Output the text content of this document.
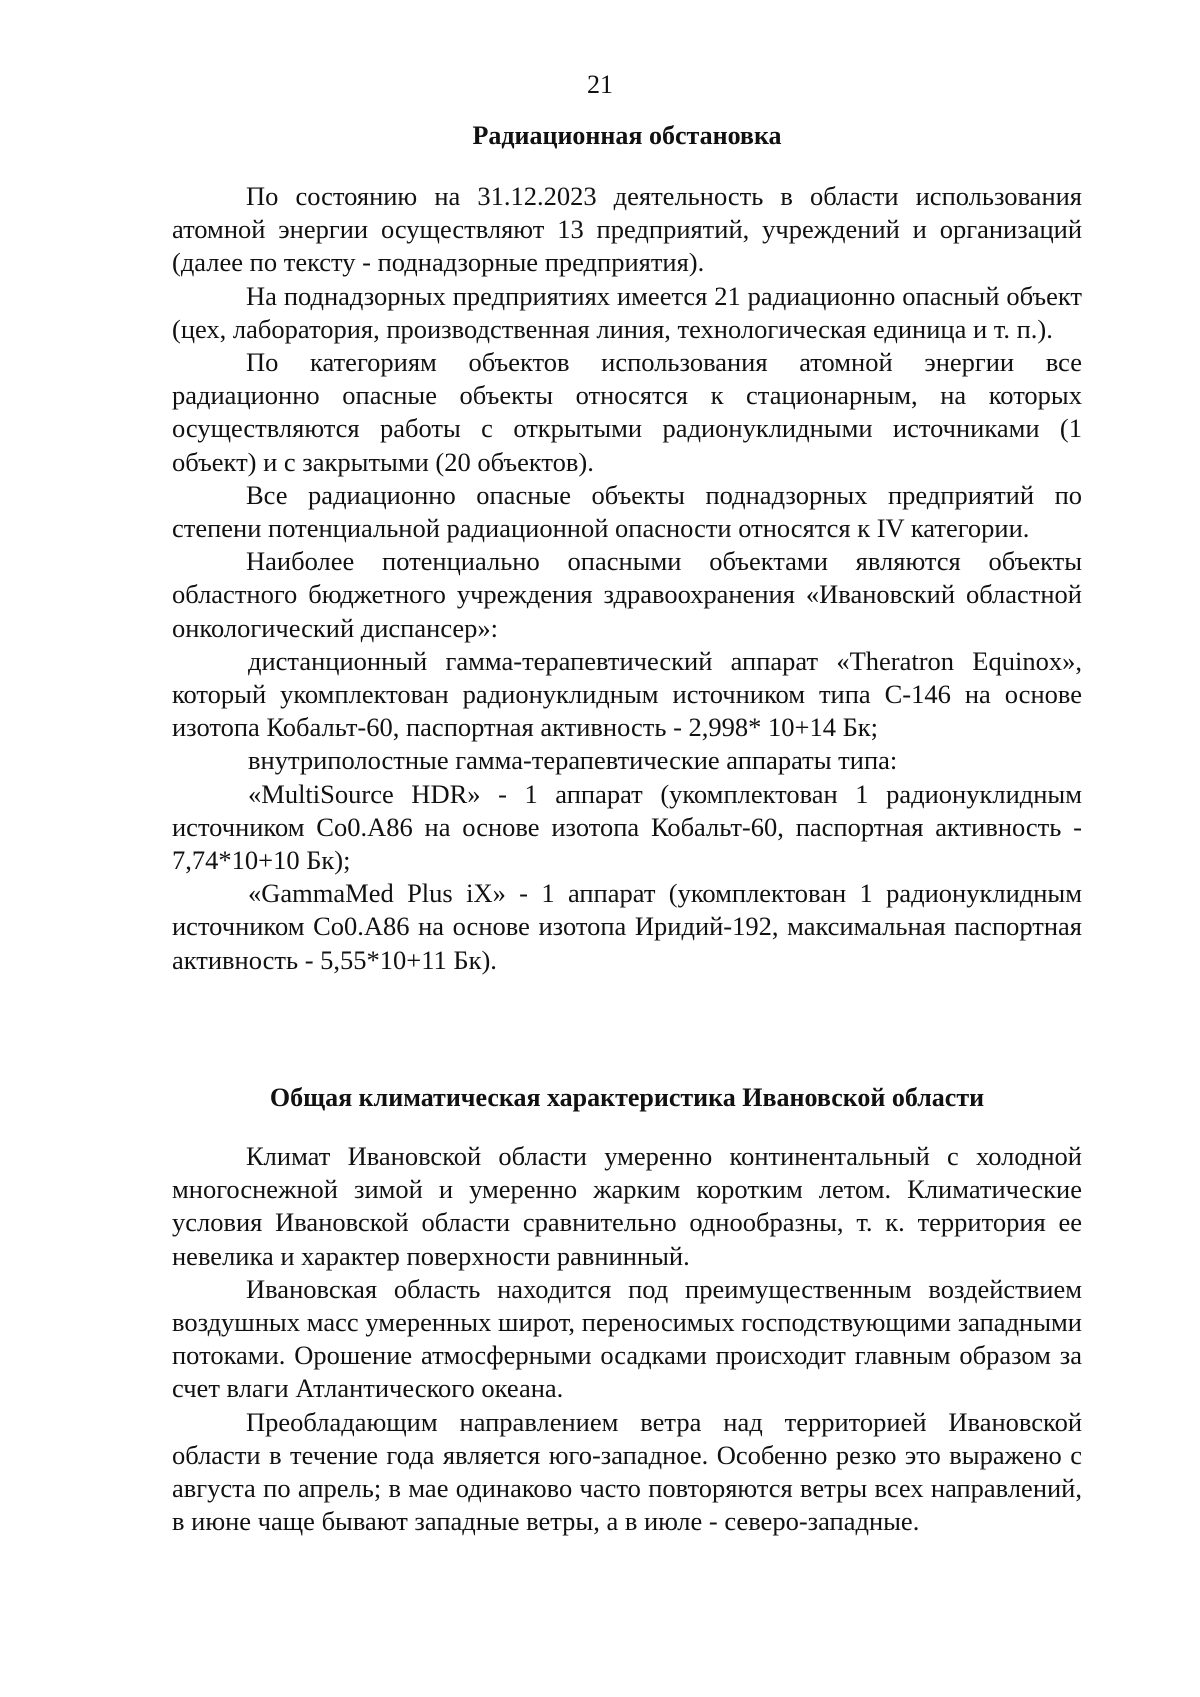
21
Радиационная обстановка

По состоянию на 31.12.2023 деятельность в области использования атомной энергии осуществляют 13 предприятий, учреждений и организаций (далее по тексту - поднадзорные предприятия).

На поднадзорных предприятиях имеется 21 радиационно опасный объект (цех, лаборатория, производственная линия, технологическая единица и т. п.).

По категориям объектов использования атомной энергии все радиационно опасные объекты относятся к стационарным, на которых осуществляются работы с открытыми радионуклидными источниками (1 объект) и с закрытыми (20 объектов).

Все радиационно опасные объекты поднадзорных предприятий по степени потенциальной радиационной опасности относятся к IV категории.

Наиболее потенциально опасными объектами являются объекты областного бюджетного учреждения здравоохранения «Ивановский областной онкологический диспансер»:

дистанционный гамма-терапевтический аппарат «Theratron Equinox», который укомплектован радионуклидным источником типа С-146 на основе изотопа Кобальт-60, паспортная активность - 2,998* 10+14 Бк;

внутриполостные гамма-терапевтические аппараты типа:

«MultiSource HDR» - 1 аппарат (укомплектован 1 радионуклидным источником Co0.A86 на основе изотопа Кобальт-60, паспортная активность - 7,74*10+10 Бк);

«GammaMed Plus iX» - 1 аппарат (укомплектован 1 радионуклидным источником Co0.A86 на основе изотопа Иридий-192, максимальная паспортная активность - 5,55*10+11 Бк).

Общая климатическая характеристика Ивановской области

Климат Ивановской области умеренно континентальный с холодной многоснежной зимой и умеренно жарким коротким летом. Климатические условия Ивановской области сравнительно однообразны, т. к. территория ее невелика и характер поверхности равнинный.

Ивановская область находится под преимущественным воздействием воздушных масс умеренных широт, переносимых господствующими западными потоками. Орошение атмосферными осадками происходит главным образом за счет влаги Атлантического океана.

Преобладающим направлением ветра над территорией Ивановской области в течение года является юго-западное. Особенно резко это выражено с августа по апрель; в мае одинаково часто повторяются ветры всех направлений, в июне чаще бывают западные ветры, а в июле - северо-западные.
